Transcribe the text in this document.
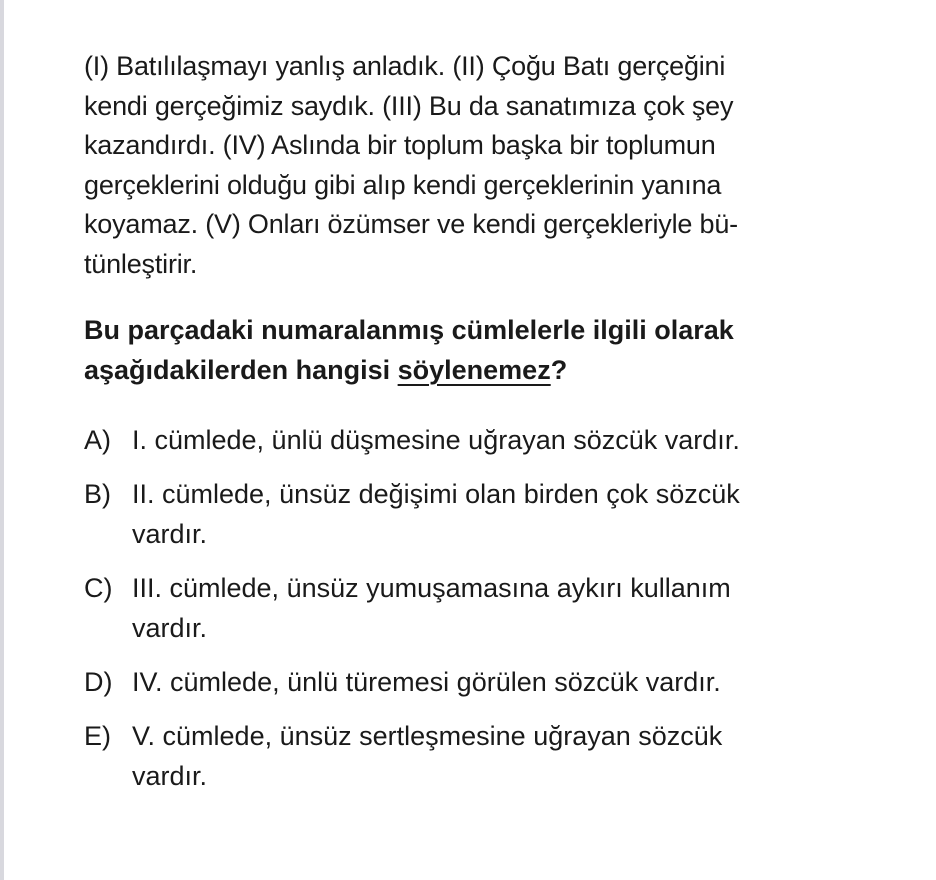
(I) Batılılaşmayı yanlış anladık. (II) Çoğu Batı gerçeğini
kendi gerçeğimiz saydık. (III) Bu da sanatımıza çok şey
kazandırdı. (IV) Aslında bir toplum başka bir toplumun
gerçeklerini olduğu gibi alıp kendi gerçeklerinin yanına
koyamaz. (V) Onları özümser ve kendi gerçekleriyle bü-
tünleştirir.
Bu parçadaki numaralanmış cümlelerle ilgili olarak
aşağıdakilerden hangisi söylenemez?
A) I. cümlede, ünlü düşmesine uğrayan sözcük vardır.
B) II. cümlede, ünsüz değişimi olan birden çok sözcük
vardır.
C) III. cümlede, ünsüz yumuşamasına aykırı kullanım
vardır.
D) IV. cümlede, ünlü türemesi görülen sözcük vardır.
E) V. cümlede, ünsüz sertleşmesine uğrayan sözcük
vardır.
